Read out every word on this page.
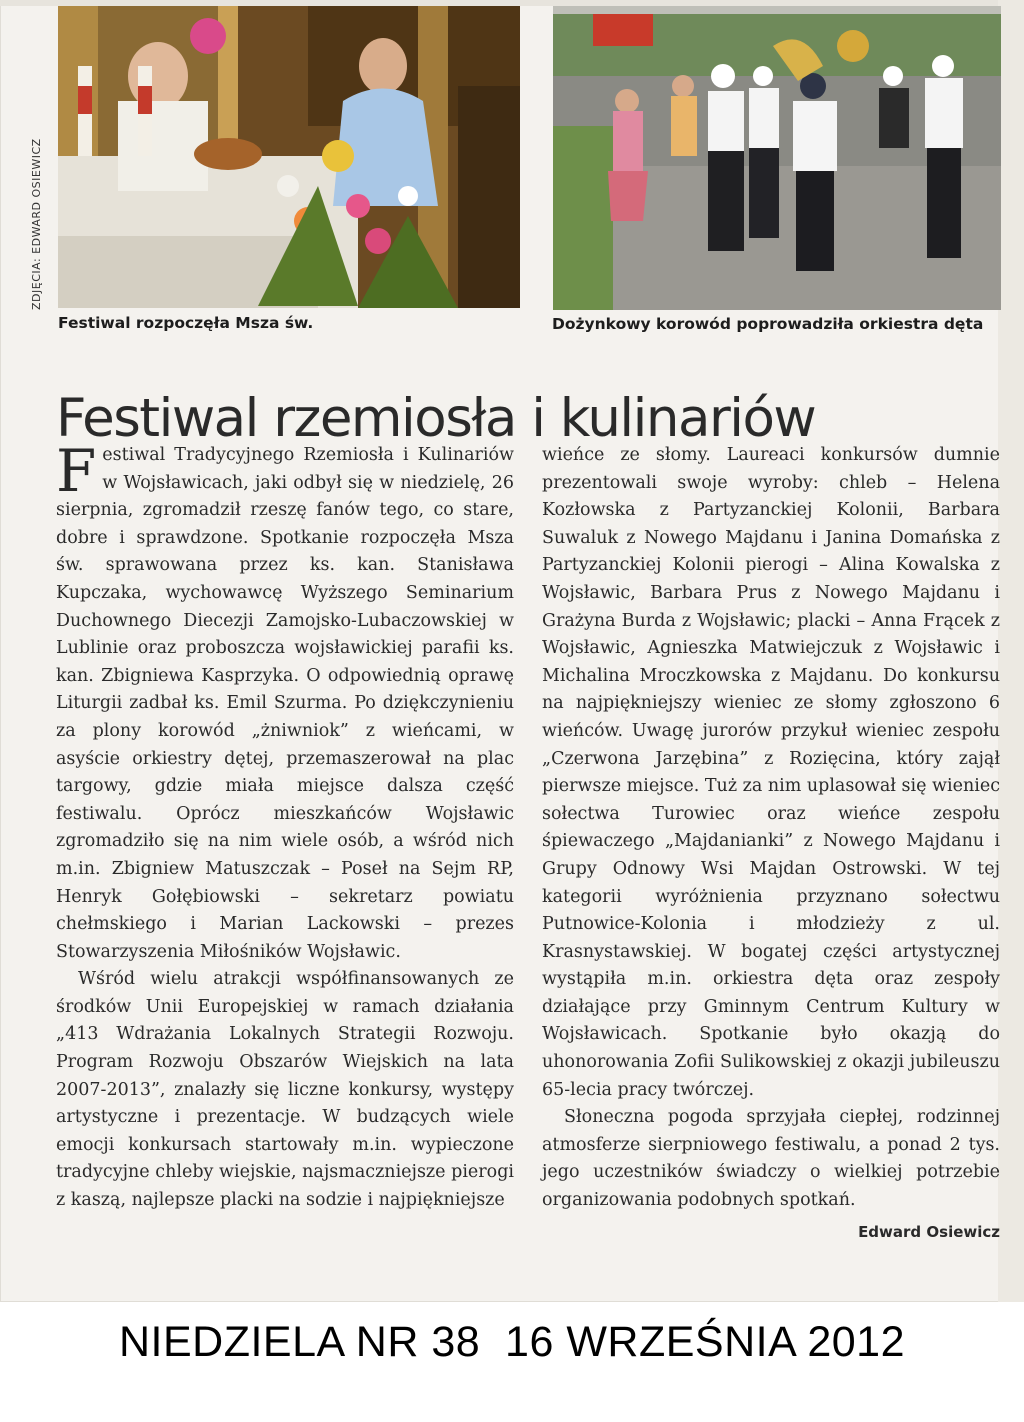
ZDJĘCIA: EDWARD OSIEWICZ
Festiwal rozpoczęła Msza św.	Dożynkowy korowód poprowadziła orkiestra dęta
Festiwal rzemiosła i kulinariów

Festiwal Tradycyjnego Rzemiosła i Kulinariów w Wojsławicach, jaki odbył się w niedzielę, 26 sierpnia, zgromadził rzeszę fanów tego, co stare, dobre i sprawdzone. Spotkanie rozpoczęła Msza św. sprawowana przez ks. kan. Stanisława Kupczaka, wychowawcę Wyższego Seminarium Duchownego Diecezji Zamojsko-Lubaczowskiej w Lublinie oraz proboszcza wojsławickiej parafii ks. kan. Zbigniewa Kasprzyka. O odpowiednią oprawę Liturgii zadbał ks. Emil Szurma. Po dziękczynieniu za plony korowód „żniwniok” z wieńcami, w asyście orkiestry dętej, przemaszerował na plac targowy, gdzie miała miejsce dalsza część festiwalu. Oprócz mieszkańców Wojsławic zgromadziło się na nim wiele osób, a wśród nich m.in. Zbigniew Matuszczak – Poseł na Sejm RP, Henryk Gołębiowski – sekretarz powiatu chełmskiego i Marian Lackowski – prezes Stowarzyszenia Miłośników Wojsławic.

Wśród wielu atrakcji współfinansowanych ze środków Unii Europejskiej w ramach działania „413 Wdrażania Lokalnych Strategii Rozwoju. Program Rozwoju Obszarów Wiejskich na lata 2007-2013”, znalazły się liczne konkursy, występy artystyczne i prezentacje. W budzących wiele emocji konkursach startowały m.in. wypieczone tradycyjne chleby wiejskie, najsmaczniejsze pierogi z kaszą, najlepsze placki na sodzie i najpiękniejsze

wieńce ze słomy. Laureaci konkursów dumnie prezentowali swoje wyroby: chleb – Helena Kozłowska z Partyzanckiej Kolonii, Barbara Suwaluk z Nowego Majdanu i Janina Domańska z Partyzanckiej Kolonii pierogi – Alina Kowalska z Wojsławic, Barbara Prus z Nowego Majdanu i Grażyna Burda z Wojsławic; placki – Anna Frącek z Wojsławic, Agnieszka Matwiejczuk z Wojsławic i Michalina Mroczkowska z Majdanu. Do konkursu na najpiękniejszy wieniec ze słomy zgłoszono 6 wieńców. Uwagę jurorów przykuł wieniec zespołu „Czerwona Jarzębina” z Rozięcina, który zajął pierwsze miejsce. Tuż za nim uplasował się wieniec sołectwa Turowiec oraz wieńce zespołu śpiewaczego „Majdanianki” z Nowego Majdanu i Grupy Odnowy Wsi Majdan Ostrowski. W tej kategorii wyróżnienia przyznano sołectwu Putnowice-Kolonia i młodzieży z ul. Krasnystawskiej. W bogatej części artystycznej wystąpiła m.in. orkiestra dęta oraz zespoły działające przy Gminnym Centrum Kultury w Wojsławicach. Spotkanie było okazją do uhonorowania Zofii Sulikowskiej z okazji jubileuszu 65-lecia pracy twórczej.

Słoneczna pogoda sprzyjała ciepłej, rodzinnej atmosferze sierpniowego festiwalu, a ponad 2 tys. jego uczestników świadczy o wielkiej potrzebie organizowania podobnych spotkań.

Edward Osiewicz
NIEDZIELA NR 38  16 WRZEŚNIA 2012
